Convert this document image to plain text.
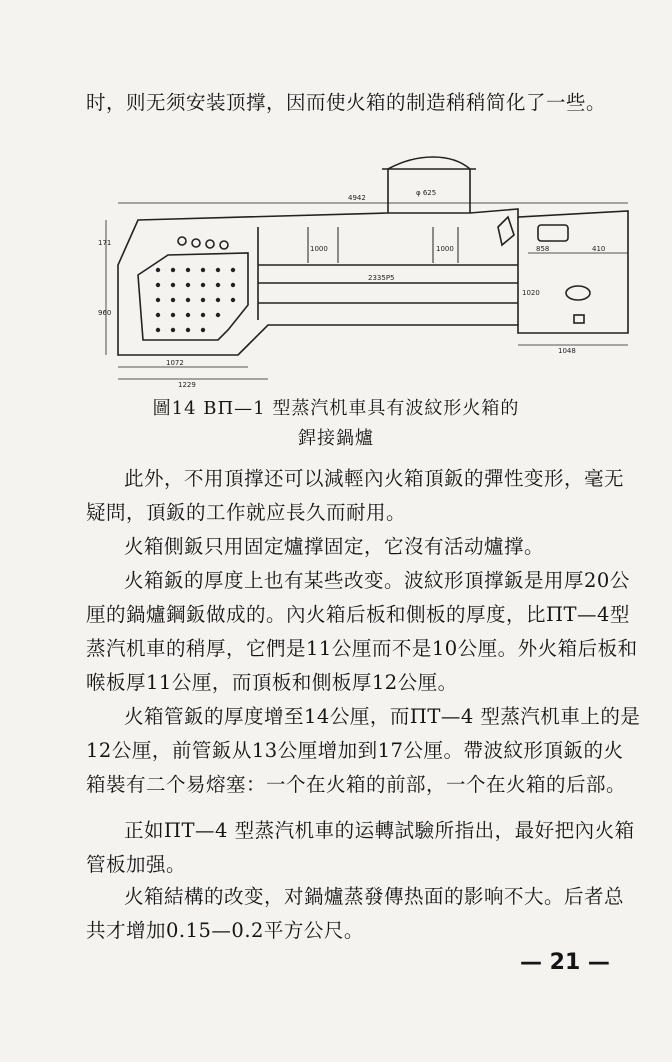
时，则无须安装顶撑，因而使火箱的制造稍稍简化了一些。

4942
φ 625
171
960
2335P5
858	410
1072
1229
1048
1000	1000
1020
圖14 ВП—1 型蒸汽机車具有波紋形火箱的
銲接鍋爐

此外，不用頂撑还可以減輕內火箱頂鈑的彈性变形，毫无疑問，頂鈑的工作就应長久而耐用。

火箱側鈑只用固定爐撑固定，它沒有活动爐撑。

火箱鈑的厚度上也有某些改变。波紋形頂撑鈑是用厚20公厘的鍋爐鋼鈑做成的。內火箱后板和側板的厚度，比ПТ—4型蒸汽机車的稍厚，它們是11公厘而不是10公厘。外火箱后板和喉板厚11公厘，而頂板和側板厚12公厘。

火箱管鈑的厚度增至14公厘，而ПТ—4 型蒸汽机車上的是12公厘，前管鈑从13公厘增加到17公厘。帶波紋形頂鈑的火箱裝有二个易熔塞：一个在火箱的前部，一个在火箱的后部。

正如ПТ—4 型蒸汽机車的运轉試驗所指出，最好把內火箱管板加强。

火箱結構的改变，对鍋爐蒸發傳热面的影响不大。后者总共才增加0.15—0.2平方公尺。

— 21 —
